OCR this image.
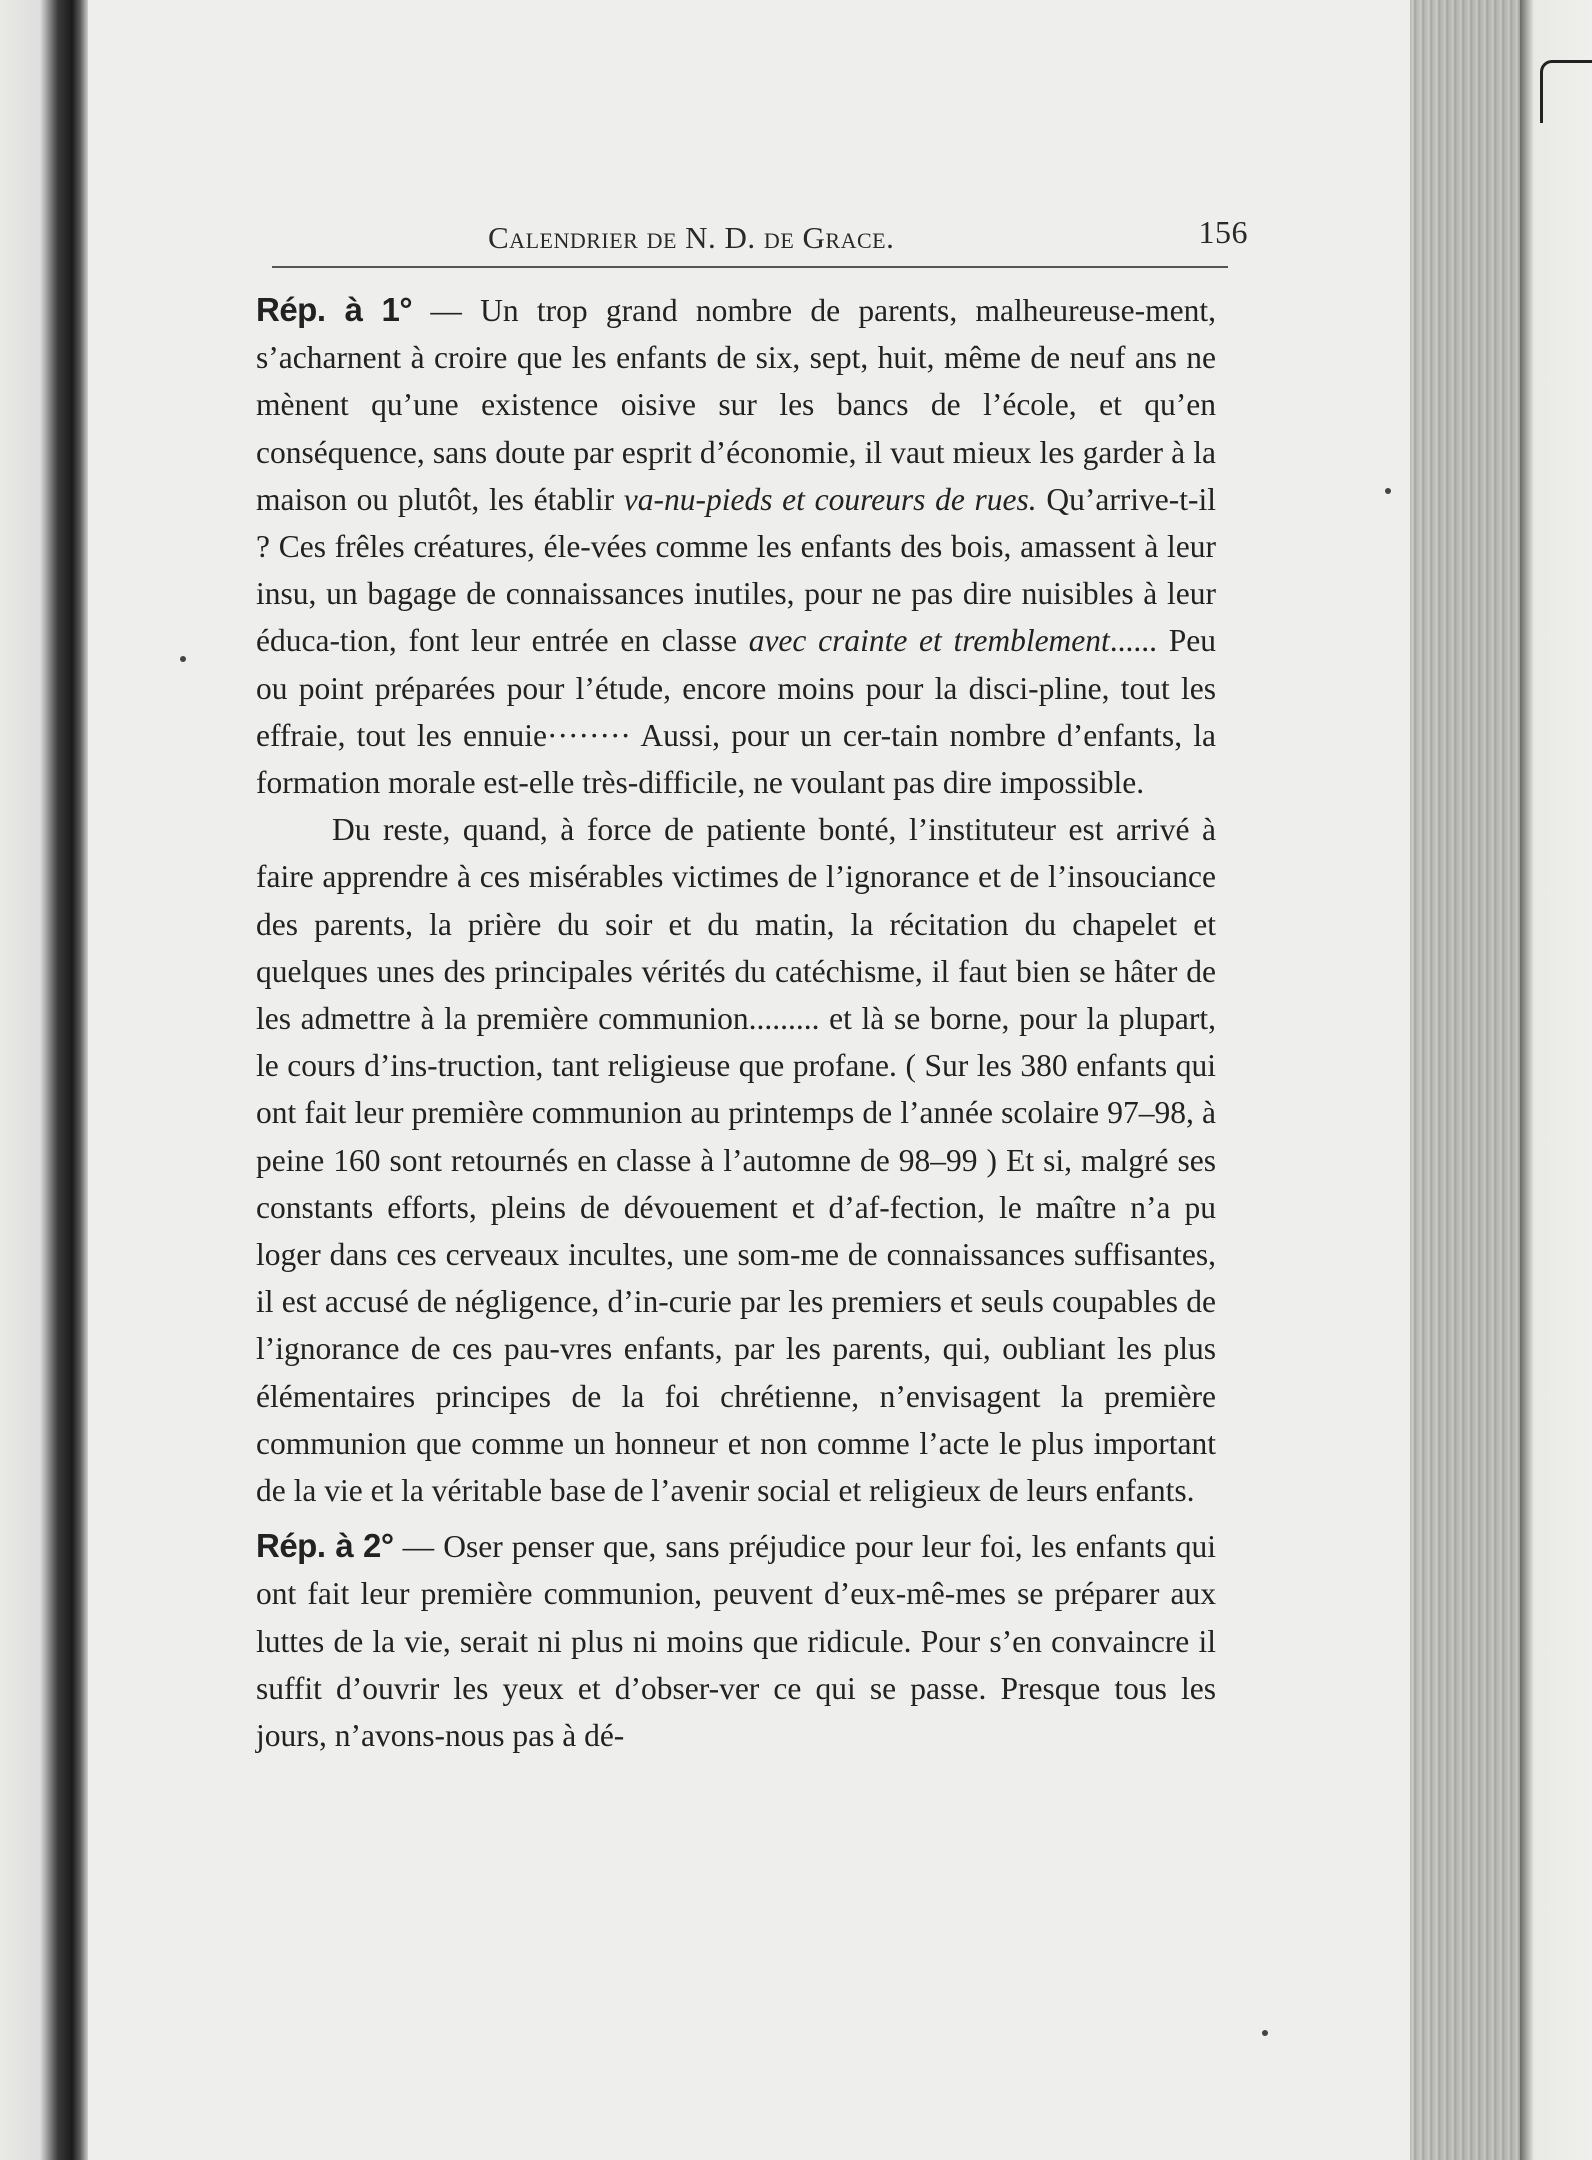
Calendrier de N. D. de Grace.	156

Rép. à 1° — Un trop grand nombre de parents, malheureuse-ment, s’acharnent à croire que les enfants de six, sept, huit, même de neuf ans ne mènent qu’une existence oisive sur les bancs de l’école, et qu’en conséquence, sans doute par esprit d’économie, il vaut mieux les garder à la maison ou plutôt, les établir va-nu-pieds et coureurs de rues. Qu’arrive-t-il ? Ces frêles créatures, éle-vées comme les enfants des bois, amassent à leur insu, un bagage de connaissances inutiles, pour ne pas dire nuisibles à leur éduca-tion, font leur entrée en classe avec crainte et tremblement...... Peu ou point préparées pour l’étude, encore moins pour la disci-pline, tout les effraie, tout les ennuie········ Aussi, pour un cer-tain nombre d’enfants, la formation morale est-elle très-difficile, ne voulant pas dire impossible.

Du reste, quand, à force de patiente bonté, l’instituteur est arrivé à faire apprendre à ces misérables victimes de l’ignorance et de l’insouciance des parents, la prière du soir et du matin, la récitation du chapelet et quelques unes des principales vérités du catéchisme, il faut bien se hâter de les admettre à la première communion......... et là se borne, pour la plupart, le cours d’ins-truction, tant religieuse que profane. ( Sur les 380 enfants qui ont fait leur première communion au printemps de l’année scolaire 97–98, à peine 160 sont retournés en classe à l’automne de 98–99 ) Et si, malgré ses constants efforts, pleins de dévouement et d’af-fection, le maître n’a pu loger dans ces cerveaux incultes, une som-me de connaissances suffisantes, il est accusé de négligence, d’in-curie par les premiers et seuls coupables de l’ignorance de ces pau-vres enfants, par les parents, qui, oubliant les plus élémentaires principes de la foi chrétienne, n’envisagent la première communion que comme un honneur et non comme l’acte le plus important de la vie et la véritable base de l’avenir social et religieux de leurs enfants.

Rép. à 2° — Oser penser que, sans préjudice pour leur foi, les enfants qui ont fait leur première communion, peuvent d’eux-mê-mes se préparer aux luttes de la vie, serait ni plus ni moins que ridicule. Pour s’en convaincre il suffit d’ouvrir les yeux et d’obser-ver ce qui se passe. Presque tous les jours, n’avons-nous pas à dé-
